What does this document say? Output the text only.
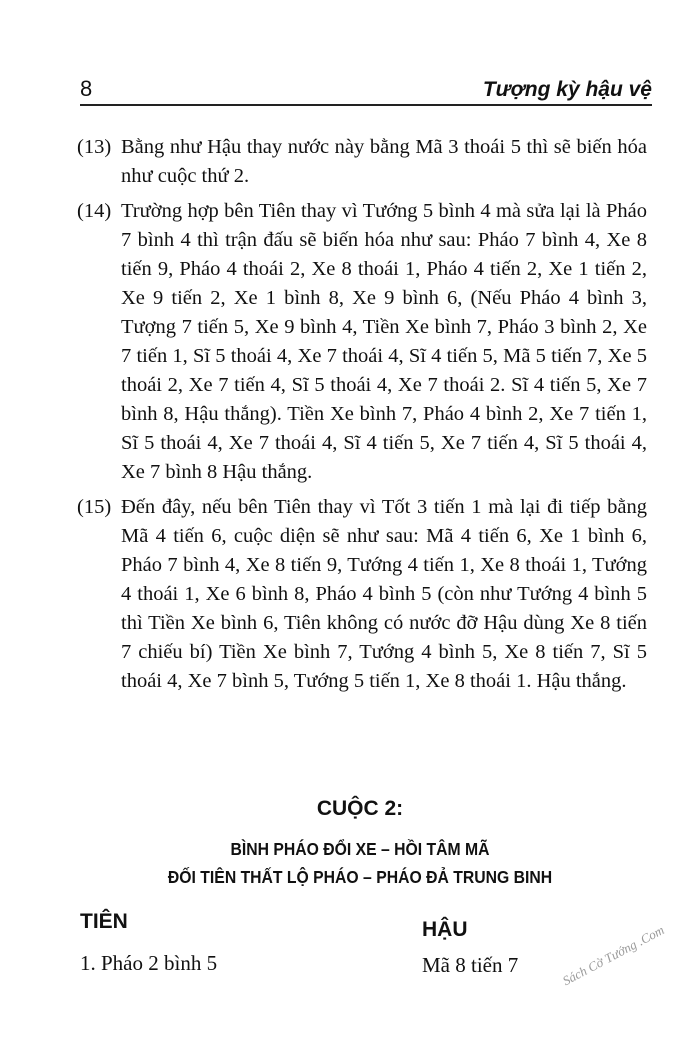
8	Tượng kỳ hậu vệ
(13) Bằng như Hậu thay nước này bằng Mã 3 thoái 5 thì sẽ biến hóa như cuộc thứ 2.
(14) Trường hợp bên Tiên thay vì Tướng 5 bình 4 mà sửa lại là Pháo 7 bình 4 thì trận đấu sẽ biến hóa như sau: Pháo 7 bình 4, Xe 8 tiến 9, Pháo 4 thoái 2, Xe 8 thoái 1, Pháo 4 tiến 2, Xe 1 tiến 2, Xe 9 tiến 2, Xe 1 bình 8, Xe 9 bình 6, (Nếu Pháo 4 bình 3, Tượng 7 tiến 5, Xe 9 bình 4, Tiền Xe bình 7, Pháo 3 bình 2, Xe 7 tiến 1, Sĩ 5 thoái 4, Xe 7 thoái 4, Sĩ 4 tiến 5, Mã 5 tiến 7, Xe 5 thoái 2, Xe 7 tiến 4, Sĩ 5 thoái 4, Xe 7 thoái 2. Sĩ 4 tiến 5, Xe 7 bình 8, Hậu thắng). Tiền Xe bình 7, Pháo 4 bình 2, Xe 7 tiến 1, Sĩ 5 thoái 4, Xe 7 thoái 4, Sĩ 4 tiến 5, Xe 7 tiến 4, Sĩ 5 thoái 4, Xe 7 bình 8 Hậu thắng.
(15) Đến đây, nếu bên Tiên thay vì Tốt 3 tiến 1 mà lại đi tiếp bằng Mã 4 tiến 6, cuộc diện sẽ như sau: Mã 4 tiến 6, Xe 1 bình 6, Pháo 7 bình 4, Xe 8 tiến 9, Tướng 4 tiến 1, Xe 8 thoái 1, Tướng 4 thoái 1, Xe 6 bình 8, Pháo 4 bình 5 (còn như Tướng 4 bình 5 thì Tiền Xe bình 6, Tiên không có nước đỡ Hậu dùng Xe 8 tiến 7 chiếu bí) Tiền Xe bình 7, Tướng 4 bình 5, Xe 8 tiến 7, Sĩ 5 thoái 4, Xe 7 bình 5, Tướng 5 tiến 1, Xe 8 thoái 1. Hậu thắng.
CUỘC 2:
BÌNH PHÁO ĐỔI XE – HỒI TÂM MÃ
ĐỐI TIÊN THẤT LỘ PHÁO – PHÁO ĐẢ TRUNG BINH
TIÊN	HẬU
1. Pháo 2 bình 5	Mã 8 tiến 7	Sách Cờ Tướng .Com
